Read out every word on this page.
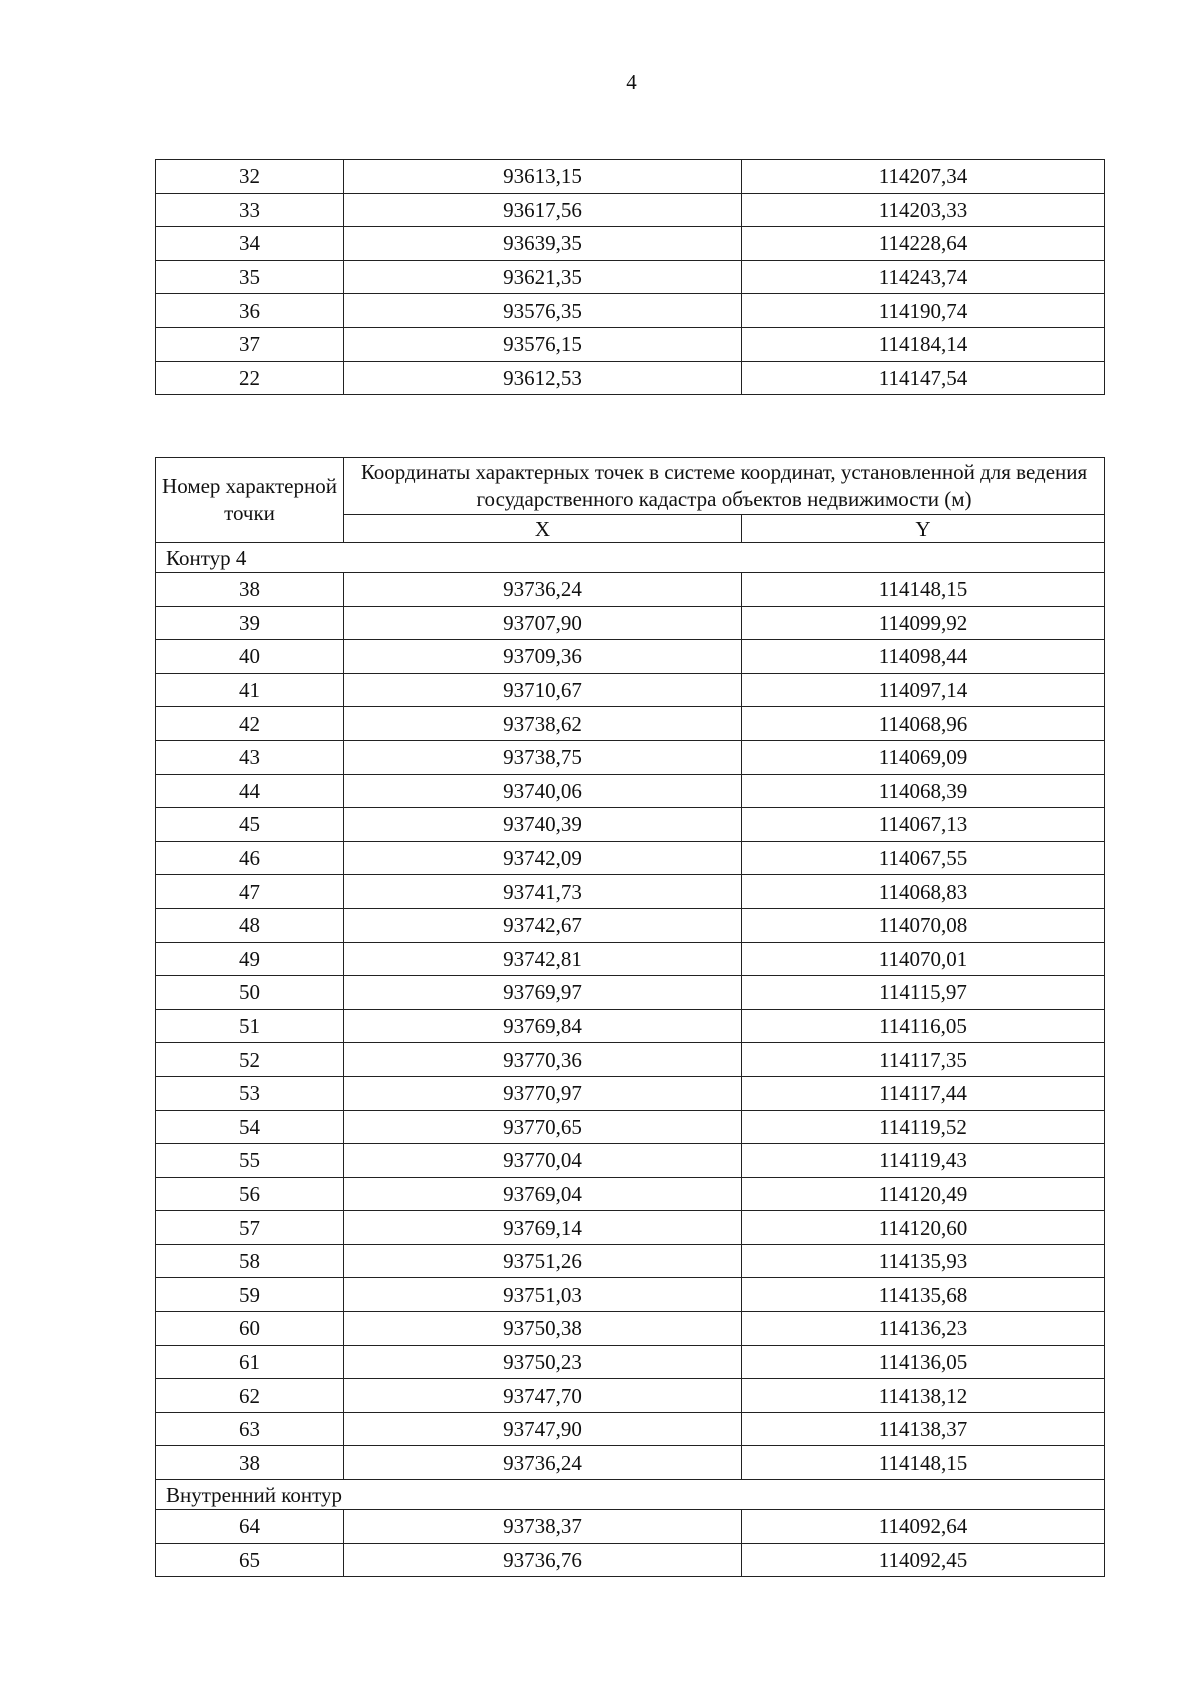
4
32	93613,15	114207,34
33	93617,56	114203,33
34	93639,35	114228,64
35	93621,35	114243,74
36	93576,35	114190,74
37	93576,15	114184,14
22	93612,53	114147,54
Номер характерной точки	Координаты характерных точек в системе координат, установленной для ведения государственного кадастра объектов недвижимости (м)	
	X	Y
Контур 4		
38	93736,24	114148,15
39	93707,90	114099,92
40	93709,36	114098,44
41	93710,67	114097,14
42	93738,62	114068,96
43	93738,75	114069,09
44	93740,06	114068,39
45	93740,39	114067,13
46	93742,09	114067,55
47	93741,73	114068,83
48	93742,67	114070,08
49	93742,81	114070,01
50	93769,97	114115,97
51	93769,84	114116,05
52	93770,36	114117,35
53	93770,97	114117,44
54	93770,65	114119,52
55	93770,04	114119,43
56	93769,04	114120,49
57	93769,14	114120,60
58	93751,26	114135,93
59	93751,03	114135,68
60	93750,38	114136,23
61	93750,23	114136,05
62	93747,70	114138,12
63	93747,90	114138,37
38	93736,24	114148,15
Внутренний контур		
64	93738,37	114092,64
65	93736,76	114092,45
